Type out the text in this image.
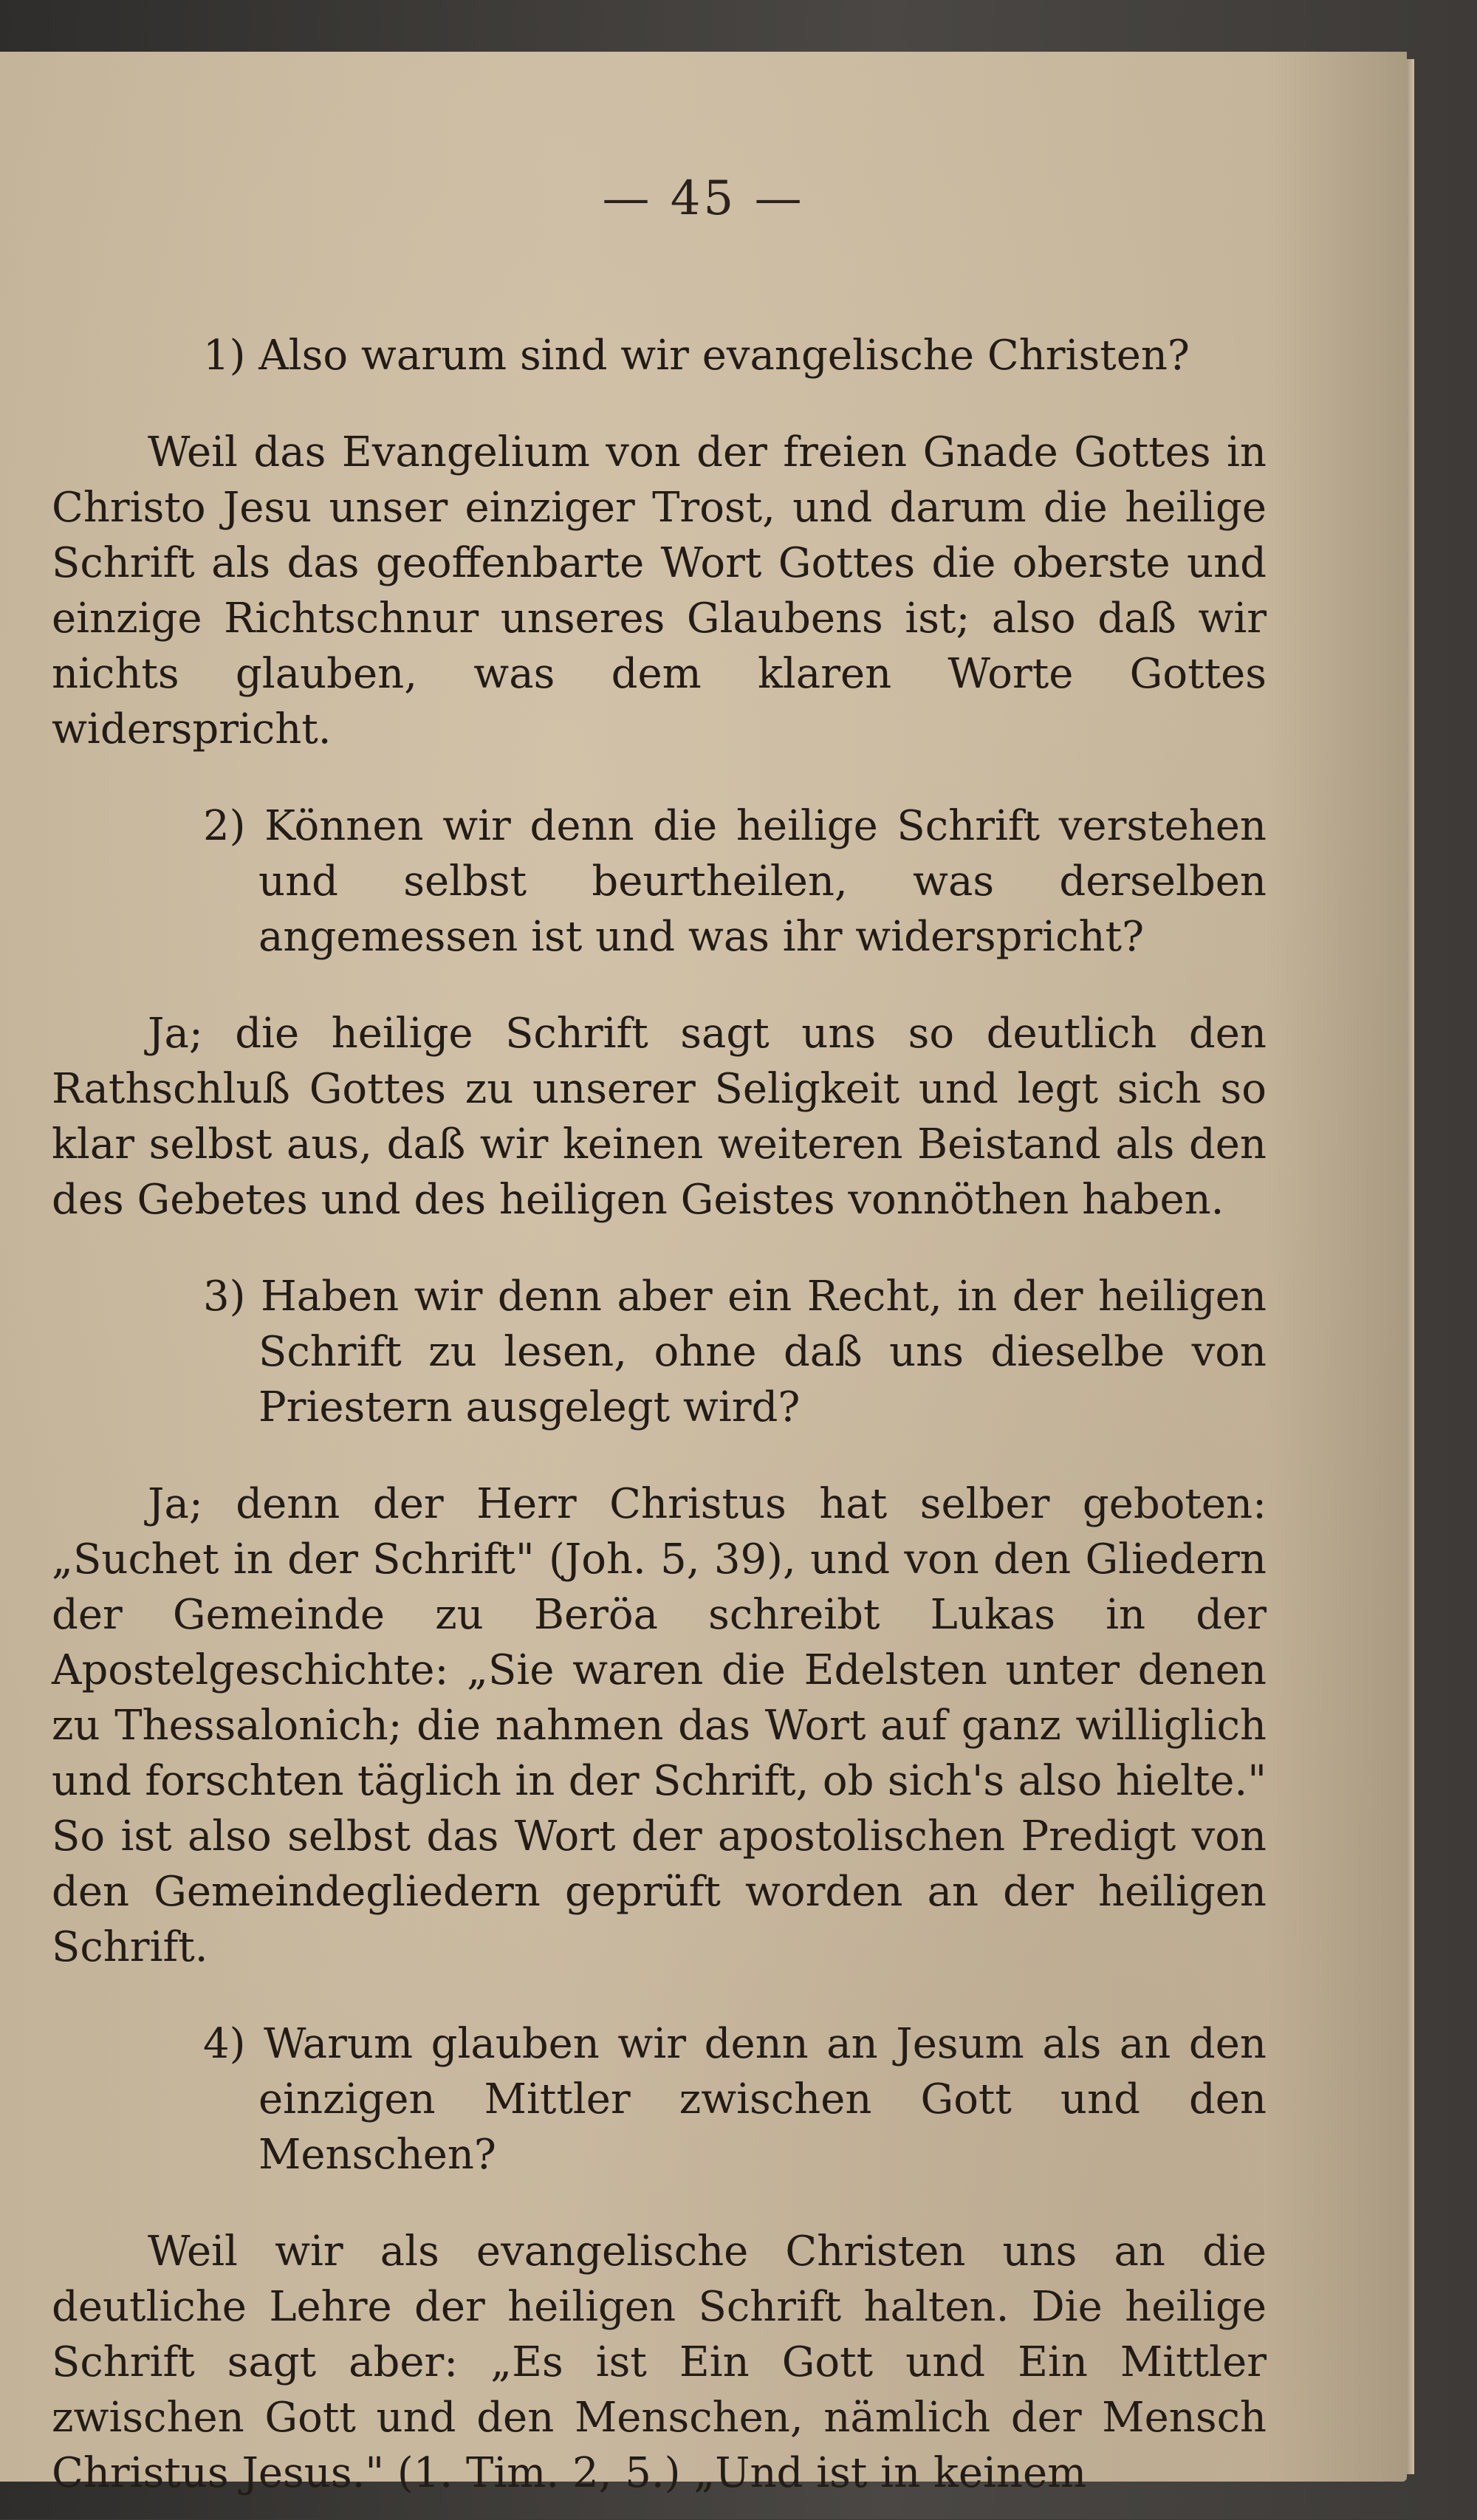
— 45 —

1) Also warum sind wir evangelische Christen?

Weil das Evangelium von der freien Gnade Gottes in Christo Jesu unser einziger Trost, und darum die heilige Schrift als das geoffenbarte Wort Gottes die oberste und einzige Richtschnur unseres Glaubens ist; also daß wir nichts glauben, was dem klaren Worte Gottes widerspricht.

2) Können wir denn die heilige Schrift verstehen und selbst beurtheilen, was derselben angemessen ist und was ihr widerspricht?

Ja; die heilige Schrift sagt uns so deutlich den Rathschluß Gottes zu unserer Seligkeit und legt sich so klar selbst aus, daß wir keinen weiteren Beistand als den des Gebetes und des heiligen Geistes vonnöthen haben.

3) Haben wir denn aber ein Recht, in der heiligen Schrift zu lesen, ohne daß uns dieselbe von Priestern ausgelegt wird?

Ja; denn der Herr Christus hat selber geboten: „Suchet in der Schrift" (Joh. 5, 39), und von den Gliedern der Gemeinde zu Beröa schreibt Lukas in der Apostelgeschichte: „Sie waren die Edelsten unter denen zu Thessalonich; die nahmen das Wort auf ganz williglich und forschten täglich in der Schrift, ob sich's also hielte." So ist also selbst das Wort der apostolischen Predigt von den Gemeindegliedern geprüft worden an der heiligen Schrift.

4) Warum glauben wir denn an Jesum als an den einzigen Mittler zwischen Gott und den Menschen?

Weil wir als evangelische Christen uns an die deutliche Lehre der heiligen Schrift halten. Die heilige Schrift sagt aber: „Es ist Ein Gott und Ein Mittler zwischen Gott und den Menschen, nämlich der Mensch Christus Jesus." (1. Tim. 2, 5.) „Und ist in keinem
